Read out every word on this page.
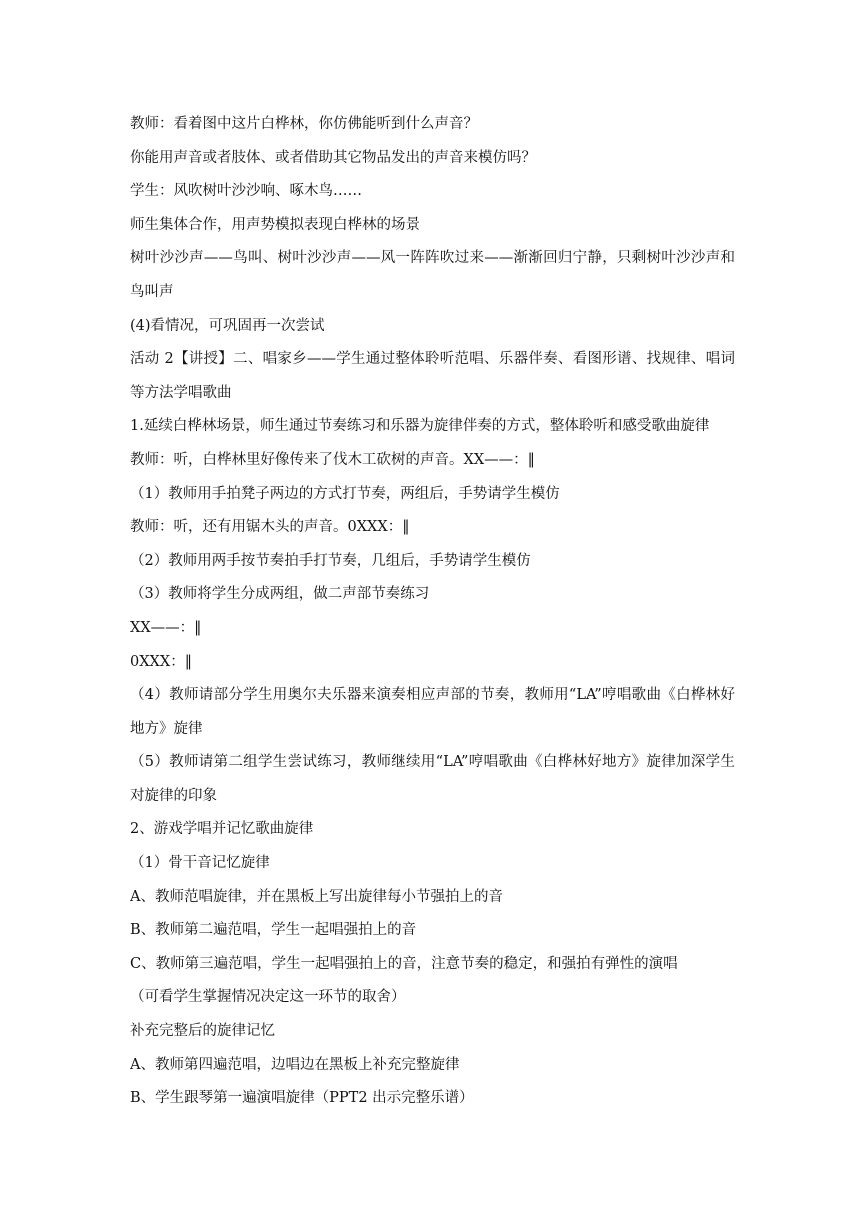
教师：看着图中这片白桦林，你仿佛能听到什么声音？
你能用声音或者肢体、或者借助其它物品发出的声音来模仿吗？
学生：风吹树叶沙沙响、啄木鸟……
师生集体合作，用声势模拟表现白桦林的场景
树叶沙沙声——鸟叫、树叶沙沙声——风一阵阵吹过来——渐渐回归宁静，只剩树叶沙沙声和鸟叫声
(4)看情况，可巩固再一次尝试
活动 2【讲授】二、唱家乡——学生通过整体聆听范唱、乐器伴奏、看图形谱、找规律、唱词等方法学唱歌曲
1.延续白桦林场景，师生通过节奏练习和乐器为旋律伴奏的方式，整体聆听和感受歌曲旋律
教师：听，白桦林里好像传来了伐木工砍树的声音。XX——：‖
（1）教师用手拍凳子两边的方式打节奏，两组后，手势请学生模仿
教师：听，还有用锯木头的声音。0XXX：‖
（2）教师用两手按节奏拍手打节奏，几组后，手势请学生模仿
（3）教师将学生分成两组，做二声部节奏练习
XX——：‖
0XXX：‖
（4）教师请部分学生用奥尔夫乐器来演奏相应声部的节奏，教师用“LA”哼唱歌曲《白桦林好地方》旋律
（5）教师请第二组学生尝试练习，教师继续用“LA”哼唱歌曲《白桦林好地方》旋律加深学生对旋律的印象
2、游戏学唱并记忆歌曲旋律
（1）骨干音记忆旋律
A、教师范唱旋律，并在黑板上写出旋律每小节强拍上的音
B、教师第二遍范唱，学生一起唱强拍上的音
C、教师第三遍范唱，学生一起唱强拍上的音，注意节奏的稳定，和强拍有弹性的演唱
（可看学生掌握情况决定这一环节的取舍）
补充完整后的旋律记忆
A、教师第四遍范唱，边唱边在黑板上补充完整旋律
B、学生跟琴第一遍演唱旋律（PPT2 出示完整乐谱）
